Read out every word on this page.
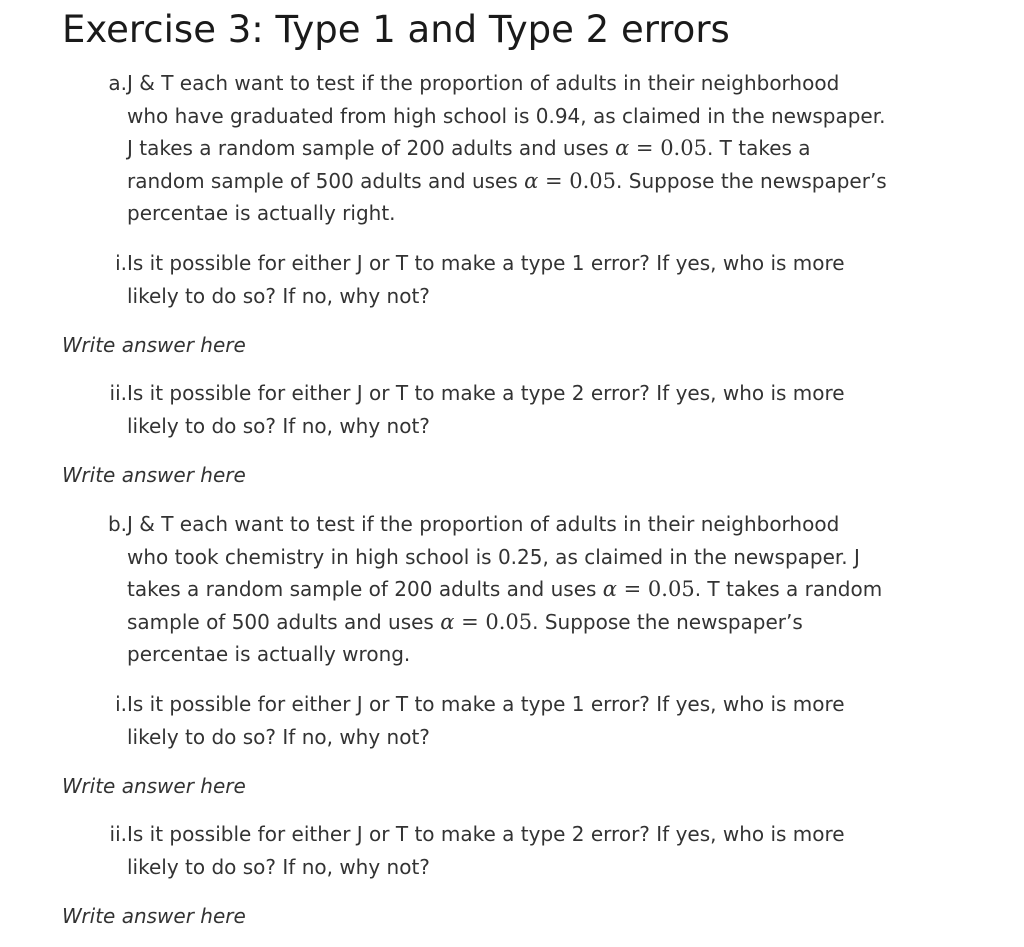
Exercise 3: Type 1 and Type 2 errors
a. J & T each want to test if the proportion of adults in their neighborhood
who have graduated from high school is 0.94, as claimed in the newspaper.
J takes a random sample of 200 adults and uses α = 0.05. T takes a
random sample of 500 adults and uses α = 0.05. Suppose the newspaper’s
percentae is actually right.
i. Is it possible for either J or T to make a type 1 error? If yes, who is more
likely to do so? If no, why not?

Write answer here

ii. Is it possible for either J or T to make a type 2 error? If yes, who is more
likely to do so? If no, why not?

Write answer here

b. J & T each want to test if the proportion of adults in their neighborhood
who took chemistry in high school is 0.25, as claimed in the newspaper. J
takes a random sample of 200 adults and uses α = 0.05. T takes a random
sample of 500 adults and uses α = 0.05. Suppose the newspaper’s
percentae is actually wrong.
i. Is it possible for either J or T to make a type 1 error? If yes, who is more
likely to do so? If no, why not?

Write answer here

ii. Is it possible for either J or T to make a type 2 error? If yes, who is more
likely to do so? If no, why not?

Write answer here
